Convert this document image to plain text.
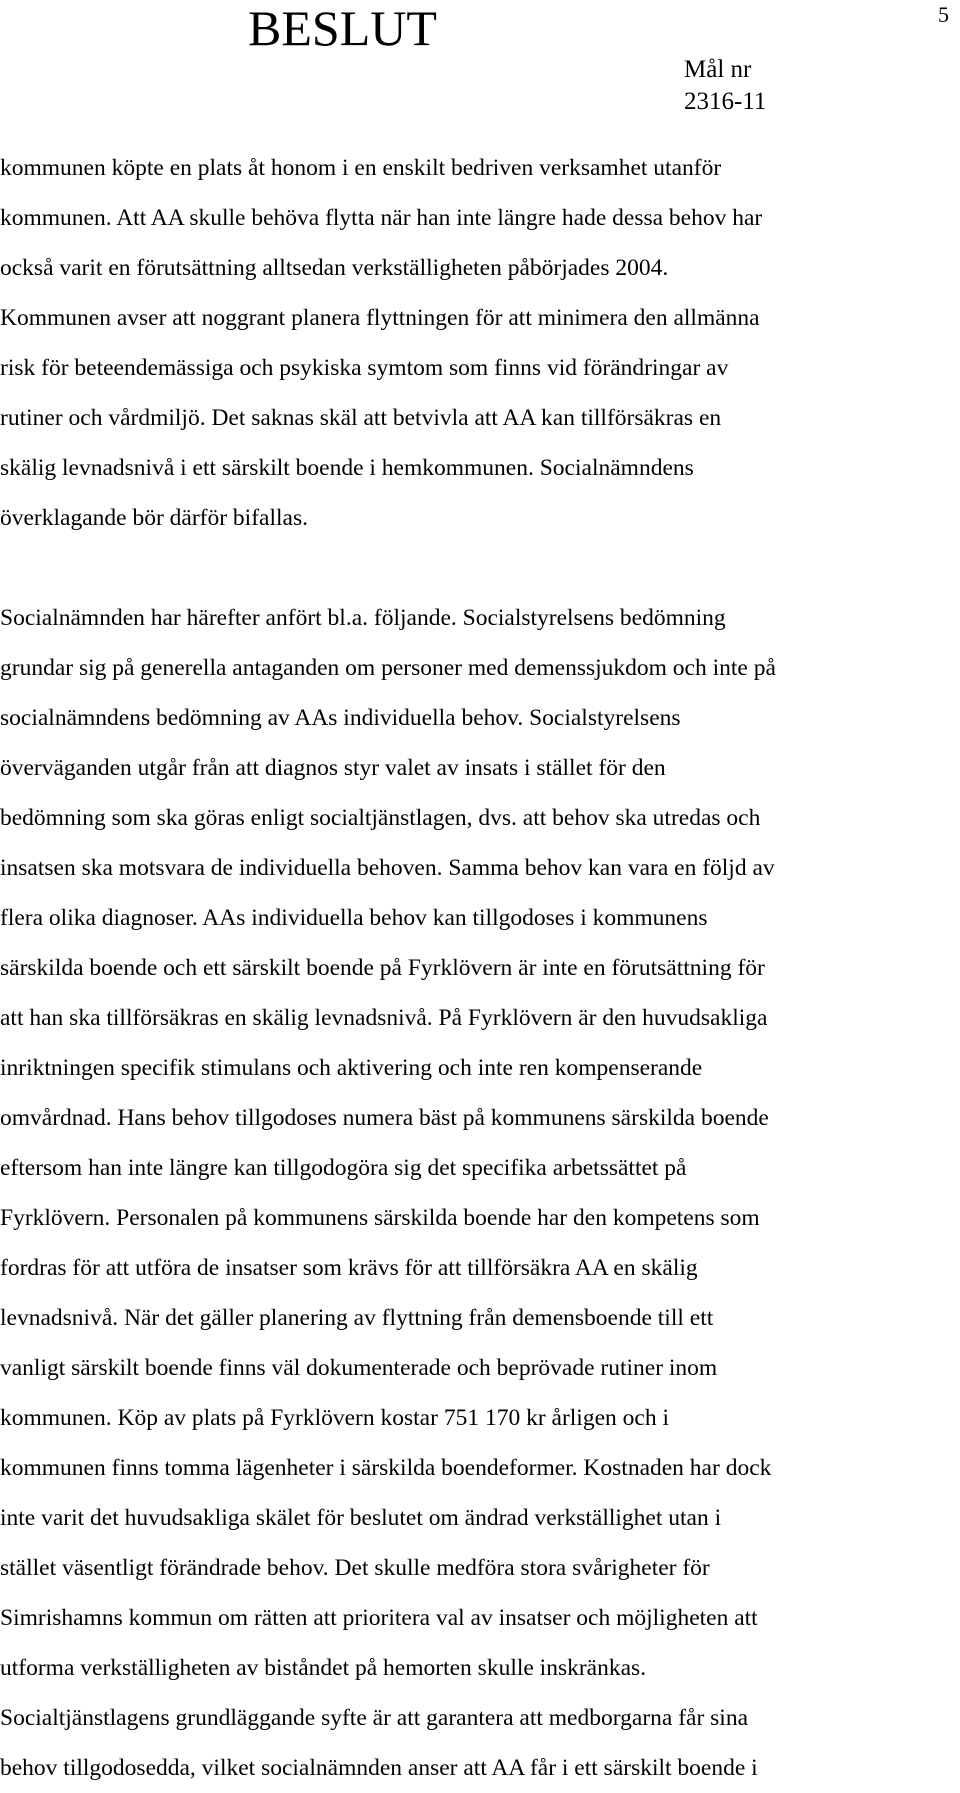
BESLUT	5
Mål nr
2316-11
kommunen köpte en plats åt honom i en enskilt bedriven verksamhet utanför
kommunen. Att AA skulle behöva flytta när han inte längre hade dessa behov har
också varit en förutsättning alltsedan verkställigheten påbörjades 2004.
Kommunen avser att noggrant planera flyttningen för att minimera den allmänna
risk för beteendemässiga och psykiska symtom som finns vid förändringar av
rutiner och vårdmiljö. Det saknas skäl att betvivla att AA kan tillförsäkras en
skälig levnadsnivå i ett särskilt boende i hemkommunen. Socialnämndens
överklagande bör därför bifallas.
Socialnämnden har härefter anfört bl.a. följande. Socialstyrelsens bedömning
grundar sig på generella antaganden om personer med demenssjukdom och inte på
socialnämndens bedömning av AAs individuella behov. Socialstyrelsens
överväganden utgår från att diagnos styr valet av insats i stället för den
bedömning som ska göras enligt socialtjänstlagen, dvs. att behov ska utredas och
insatsen ska motsvara de individuella behoven. Samma behov kan vara en följd av
flera olika diagnoser. AAs individuella behov kan tillgodoses i kommunens
särskilda boende och ett särskilt boende på Fyrklövern är inte en förutsättning för
att han ska tillförsäkras en skälig levnadsnivå. På Fyrklövern är den huvudsakliga
inriktningen specifik stimulans och aktivering och inte ren kompenserande
omvårdnad. Hans behov tillgodoses numera bäst på kommunens särskilda boende
eftersom han inte längre kan tillgodogöra sig det specifika arbetssättet på
Fyrklövern. Personalen på kommunens särskilda boende har den kompetens som
fordras för att utföra de insatser som krävs för att tillförsäkra AA en skälig
levnadsnivå. När det gäller planering av flyttning från demensboende till ett
vanligt särskilt boende finns väl dokumenterade och beprövade rutiner inom
kommunen. Köp av plats på Fyrklövern kostar 751 170 kr årligen och i
kommunen finns tomma lägenheter i särskilda boendeformer. Kostnaden har dock
inte varit det huvudsakliga skälet för beslutet om ändrad verkställighet utan i
stället väsentligt förändrade behov. Det skulle medföra stora svårigheter för
Simrishamns kommun om rätten att prioritera val av insatser och möjligheten att
utforma verkställigheten av biståndet på hemorten skulle inskränkas.
Socialtjänstlagens grundläggande syfte är att garantera att medborgarna får sina
behov tillgodosedda, vilket socialnämnden anser att AA får i ett särskilt boende i
